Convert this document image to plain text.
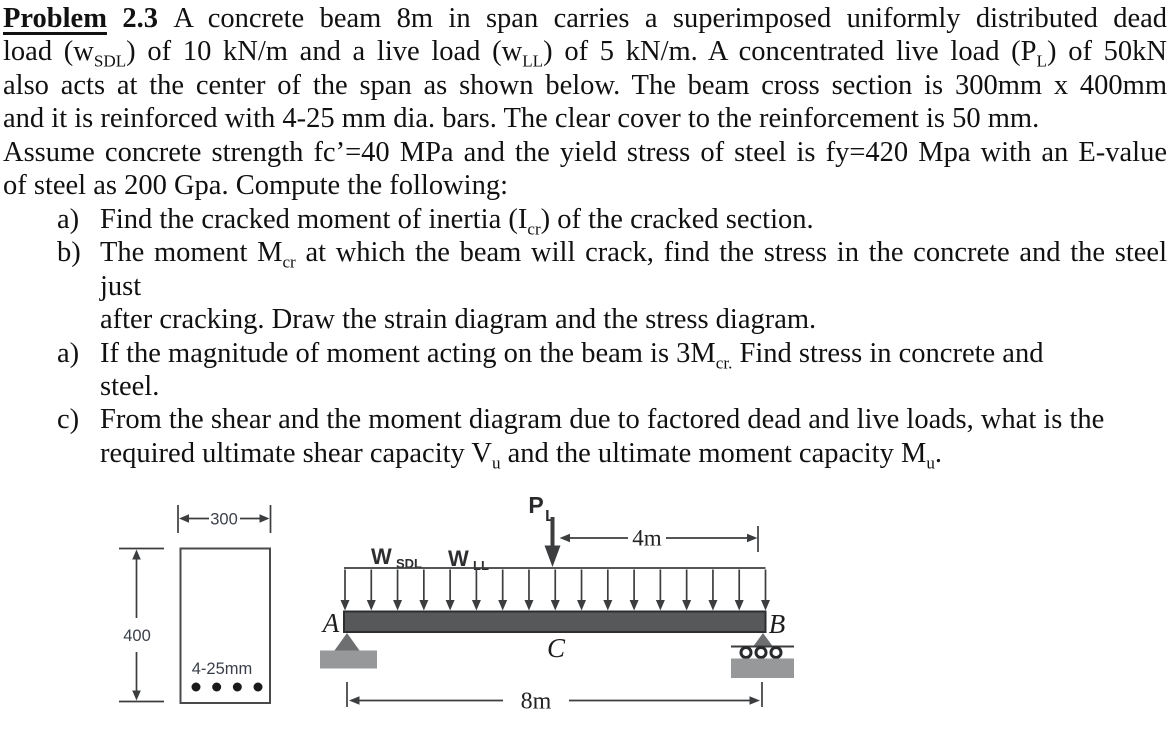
Problem 2.3 A concrete beam 8m in span carries a superimposed uniformly distributed dead
load $(w_{SDL})$ of 10 kN/m and a live load $(w_{LL})$ of 5 kN/m. A concentrated live load $(P_L)$ of 50kN
also acts at the center of the span as shown below. The beam cross section is 300mm x 400mm
and it is reinforced with 4-25 mm dia. bars. The clear cover to the reinforcement is 50 mm.
Assume concrete strength fc’=40 MPa and the yield stress of steel is fy=420 Mpa with an E-value
of steel as 200 Gpa. Compute the following:
a) Find the cracked moment of inertia $(I_{cr})$ of the cracked section.
b) The moment $M_{cr}$ at which the beam will crack, find the stress in the concrete and the steel just
after cracking. Draw the strain diagram and the stress diagram.
a) If the magnitude of moment acting on the beam is $3M_{cr.}$ Find stress in concrete and
steel.
c) From the shear and the moment diagram due to factored dead and live loads, what is the
required ultimate shear capacity $V_u$ and the ultimate moment capacity $M_u$.
300
400
4-25mm
P L
4m
W SDL W LL
A	B
C
8m
